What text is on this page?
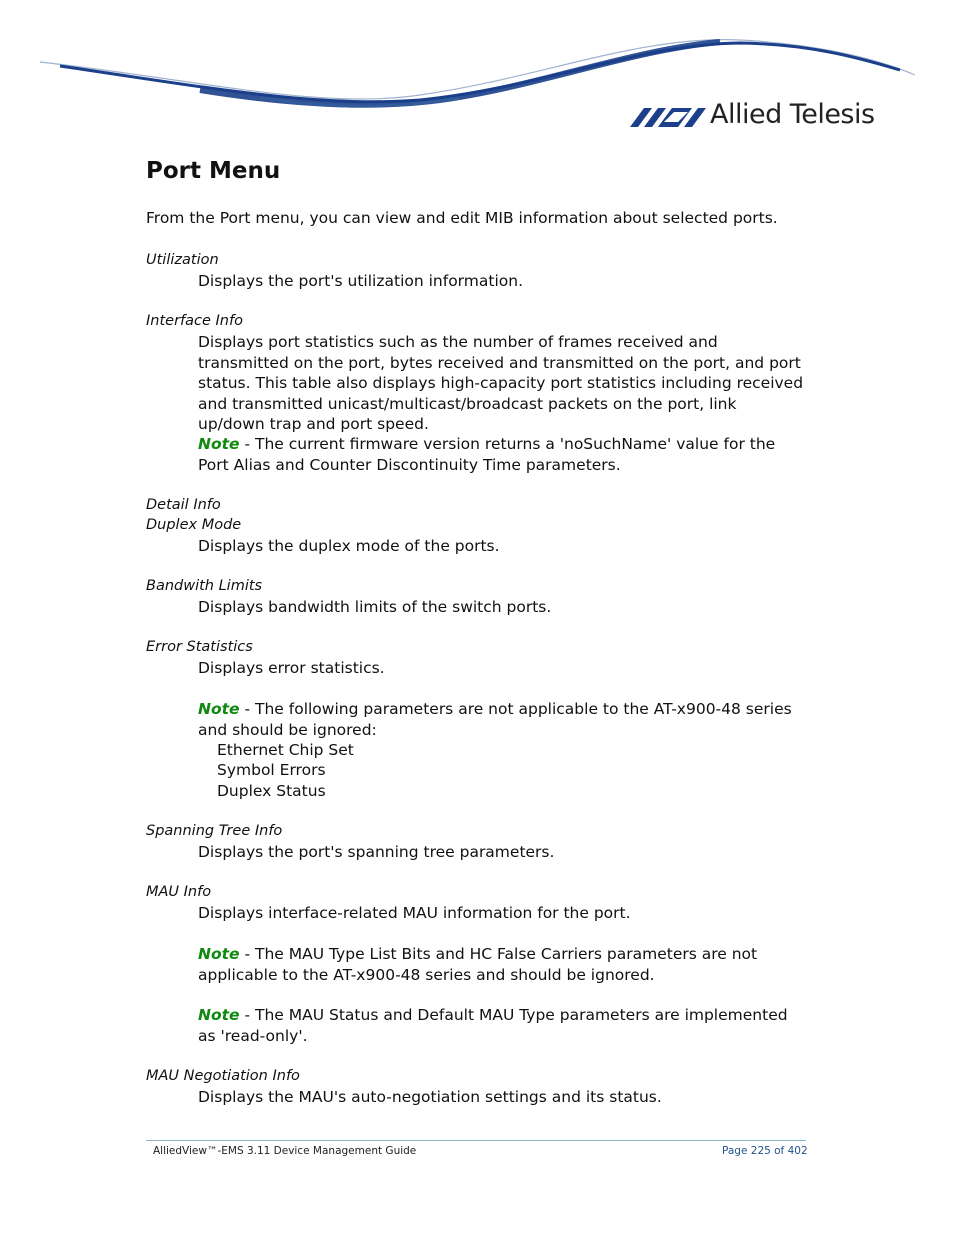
Allied Telesis
Port Menu
From the Port menu, you can view and edit MIB information about selected ports.
Utilization
Displays the port's utilization information.
Interface Info
Displays port statistics such as the number of frames received and transmitted on the port, bytes received and transmitted on the port, and port status. This table also displays high-capacity port statistics including received and transmitted unicast/multicast/broadcast packets on the port, link up/down trap and port speed.
Note - The current firmware version returns a 'noSuchName' value for the Port Alias and Counter Discontinuity Time parameters.
Detail Info
Duplex Mode
Displays the duplex mode of the ports.
Bandwith Limits
Displays bandwidth limits of the switch ports.
Error Statistics
Displays error statistics.
Note - The following parameters are not applicable to the AT-x900-48 series and should be ignored:
Ethernet Chip Set
Symbol Errors
Duplex Status
Spanning Tree Info
Displays the port's spanning tree parameters.
MAU Info
Displays interface-related MAU information for the port.
Note - The MAU Type List Bits and HC False Carriers parameters are not applicable to the AT-x900-48 series and should be ignored.
Note - The MAU Status and Default MAU Type parameters are implemented as 'read-only'.
MAU Negotiation Info
Displays the MAU's auto-negotiation settings and its status.
AlliedView™-EMS 3.11 Device Management Guide	Page 225 of 402
